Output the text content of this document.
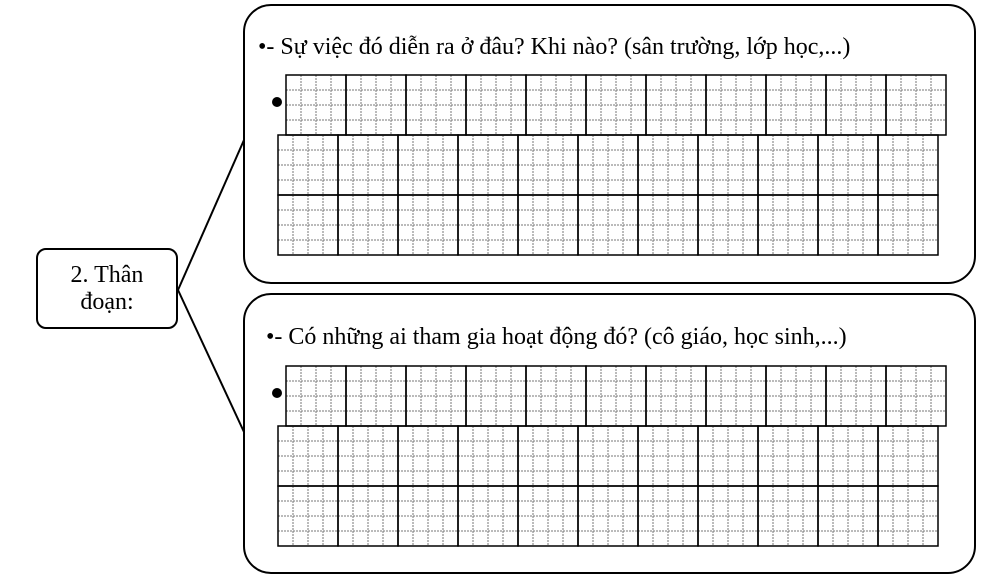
2. Thân
đoạn:
•- Sự việc đó diễn ra ở đâu? Khi nào? (sân trường, lớp học,...)
•- Có những ai tham gia hoạt động đó? (cô giáo, học sinh,...)
